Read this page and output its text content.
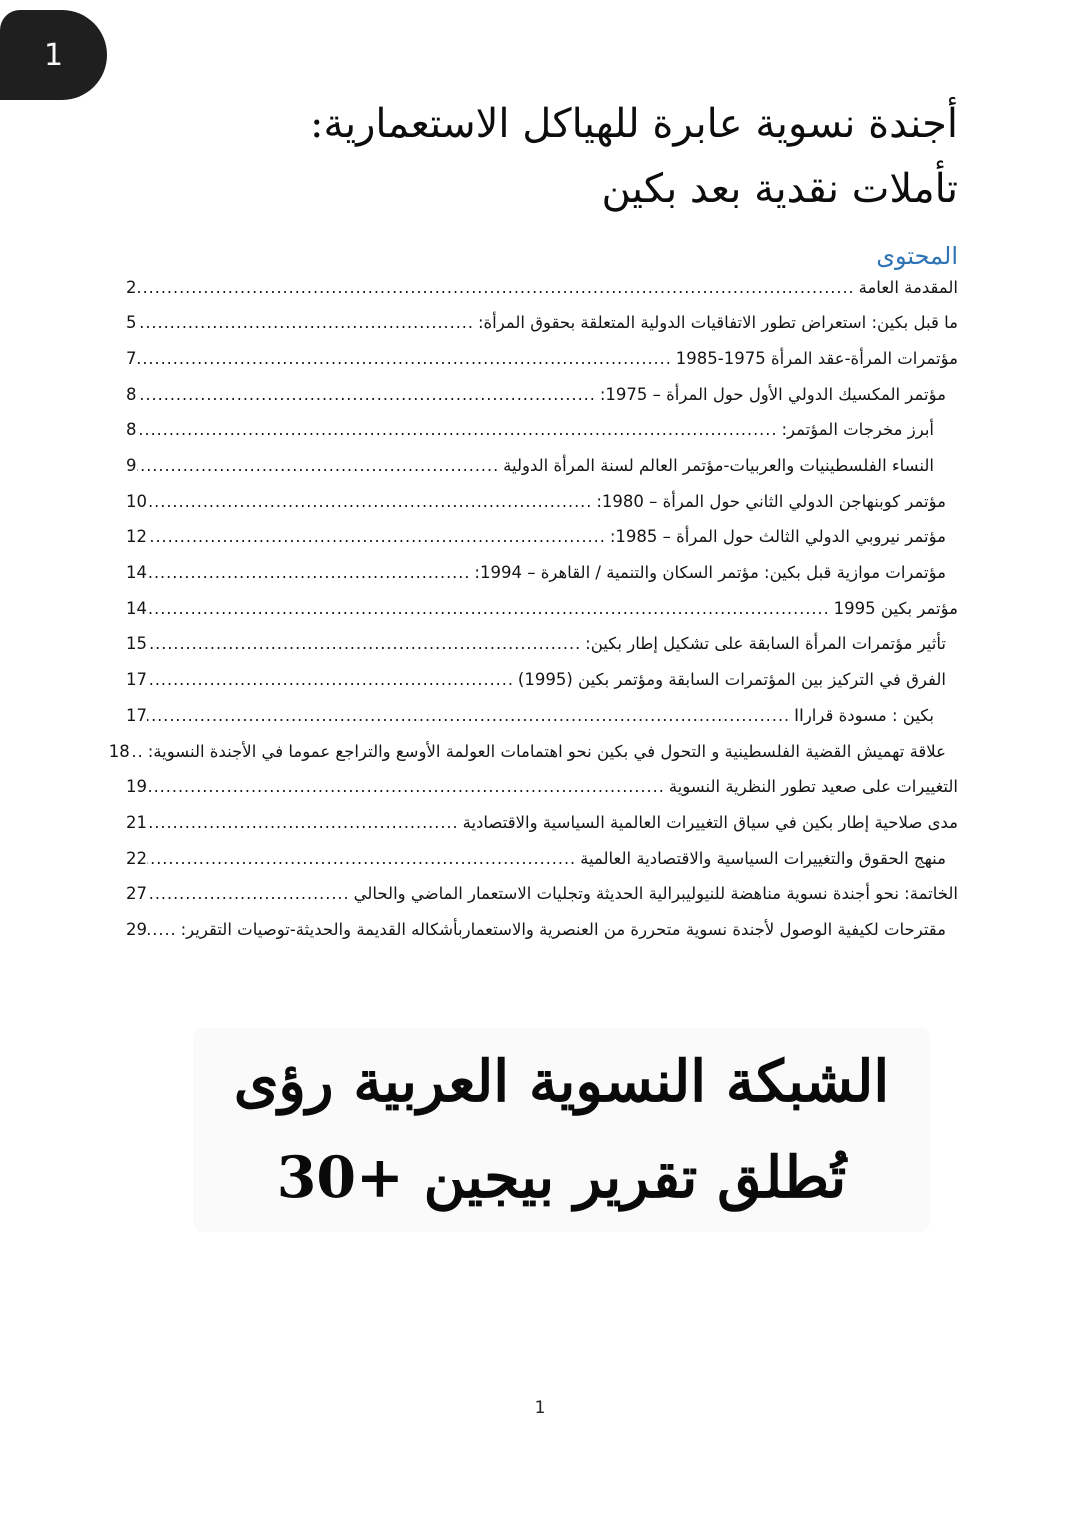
1
أجندة نسوية عابرة للهياكل الاستعمارية:
تأملات نقدية بعد بكين
المحتوى
المقدمة العامة
.....
2
ما قبل بكين: استعراض تطور الاتفاقيات الدولية المتعلقة بحقوق المرأة:
.....
5
مؤتمرات المرأة-عقد المرأة 1975-1985
.....
7
مؤتمر المكسيك الدولي الأول حول المرأة – 1975:
.....
8
أبرز مخرجات المؤتمر:
.....
8
النساء الفلسطينيات والعربيات-مؤتمر العالم لسنة المرأة الدولية
.....
9
مؤتمر كوبنهاجن الدولي الثاني حول المرأة – 1980:
.....
10
مؤتمر نيروبي الدولي الثالث حول المرأة – 1985:
.....
12
مؤتمرات موازية قبل بكين: مؤتمر السكان والتنمية / القاهرة – 1994:
.....
14
مؤتمر بكين 1995
.....
14
تأثير مؤتمرات المرأة السابقة على تشكيل إطار بكين:
.....
15
الفرق في التركيز بين المؤتمرات السابقة ومؤتمر بكين (1995)
.....
17
بكين : مسودة قرارII
.....
17
علاقة تهميش القضية الفلسطينية و التحول في بكين نحو اهتمامات العولمة الأوسع والتراجع عموما في الأجندة النسوية:
.....
18
التغييرات على صعيد تطور النظرية النسوية
.....
19
مدى صلاحية إطار بكين في سياق التغييرات العالمية السياسية والاقتصادية
.....
21
منهج الحقوق والتغييرات السياسية والاقتصادية العالمية
.....
22
الخاتمة: نحو أجندة نسوية مناهضة للنيوليبرالية الحديثة وتجليات الاستعمار الماضي والحالي
.....
27
مقترحات لكيفية الوصول لأجندة نسوية متحررة من العنصرية والاستعماربأشكاله القديمة والحديثة-توصيات التقرير:
.....
29
الشبكة النسوية العربية رؤى
تُطلق تقرير بيجين +30
1
